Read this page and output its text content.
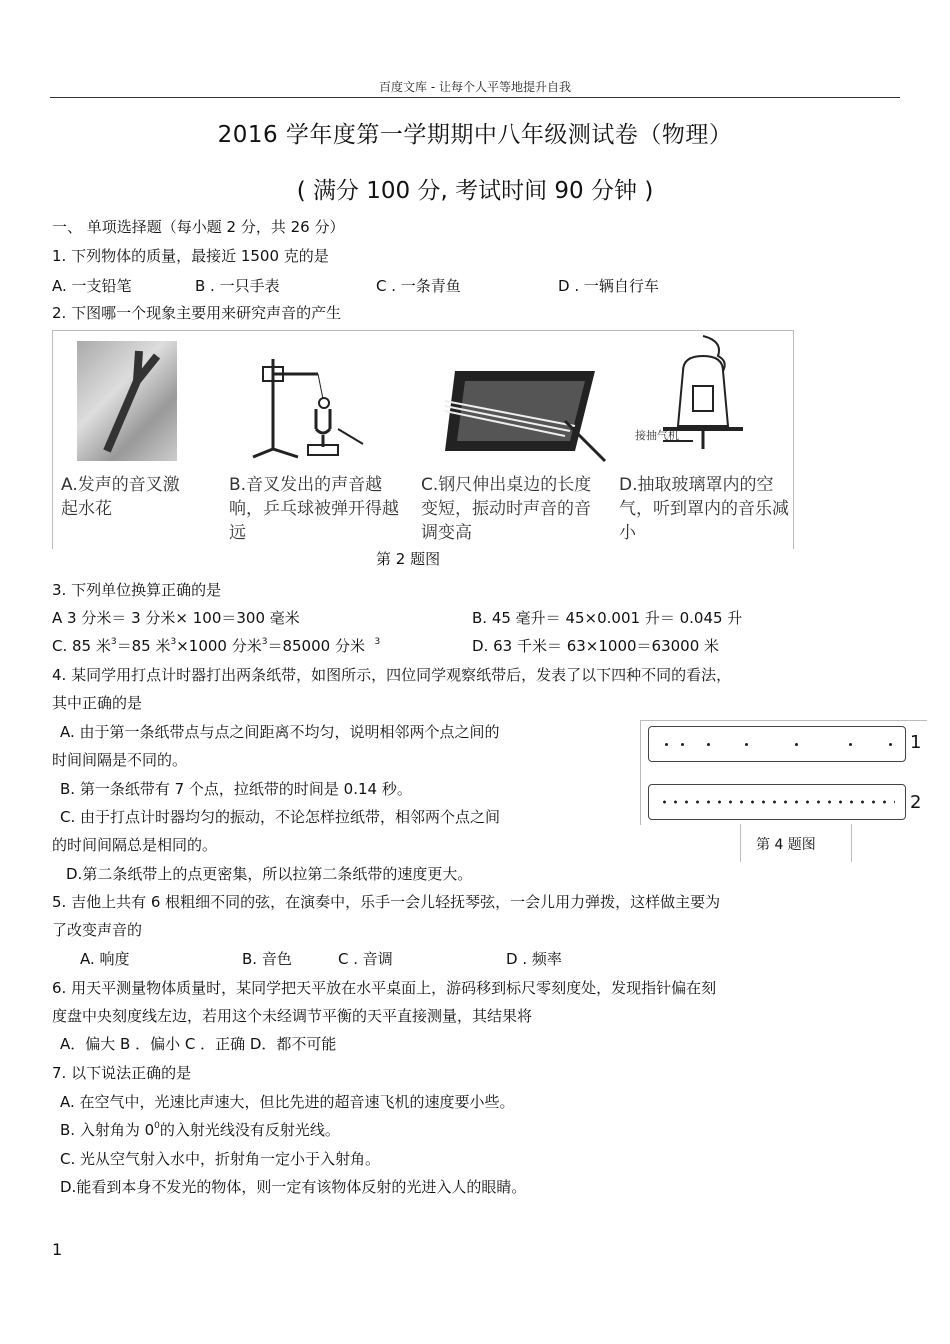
百度文库 - 让每个人平等地提升自我
2016 学年度第一学期期中八年级测试卷（物理）
( 满分 100 分, 考试时间 90 分钟 )
一、 单项选择题（每小题 2 分，共 26 分）
1. 下列物体的质量，最接近 1500 克的是
A. 一支铅笔	B . 一只手表	C . 一条青鱼	D . 一辆自行车
2. 下图哪一个现象主要用来研究声音的产生
接抽气机
A.发声的音叉激起水花
B.音叉发出的声音越响，乒乓球被弹开得越远
C.钢尺伸出桌边的长度变短，振动时声音的音调变高
D.抽取玻璃罩内的空气，听到罩内的音乐减小
第 2 题图
3. 下列单位换算正确的是
A 3 分米＝ 3 分米× 100＝300 毫米	B. 45 毫升＝ 45×0.001 升＝ 0.045 升
C. 85 米$^3$＝85 米$^3$×1000 分米$^3$＝85000 分米 $^3$	D. 63 千米＝ 63×1000＝63000 米
4. 某同学用打点计时器打出两条纸带，如图所示，四位同学观察纸带后，发表了以下四种不同的看法，
其中正确的是
A. 由于第一条纸带点与点之间距离不均匀，说明相邻两个点之间的
时间间隔是不同的。
B. 第一条纸带有 7 个点，拉纸带的时间是 0.14 秒。
C. 由于打点计时器均匀的振动，不论怎样拉纸带，相邻两个点之间
的时间间隔总是相同的。
D.第二条纸带上的点更密集，所以拉第二条纸带的速度更大。
1
2
第 4 题图
5. 吉他上共有 6 根粗细不同的弦，在演奏中，乐手一会儿轻抚琴弦，一会儿用力弹拨，这样做主要为
了改变声音的
A. 响度	B. 音色	C . 音调	D . 频率
6. 用天平测量物体质量时，某同学把天平放在水平桌面上，游码移到标尺零刻度处，发现指针偏在刻
度盘中央刻度线左边，若用这个未经调节平衡的天平直接测量，其结果将
A．偏大 B ．偏小 C ．正确 D．都不可能
7. 以下说法正确的是
A. 在空气中，光速比声速大，但比先进的超音速飞机的速度要小些。
B. 入射角为 $0^0$的入射光线没有反射光线。
C. 光从空气射入水中，折射角一定小于入射角。
D.能看到本身不发光的物体，则一定有该物体反射的光进入人的眼睛。
1
